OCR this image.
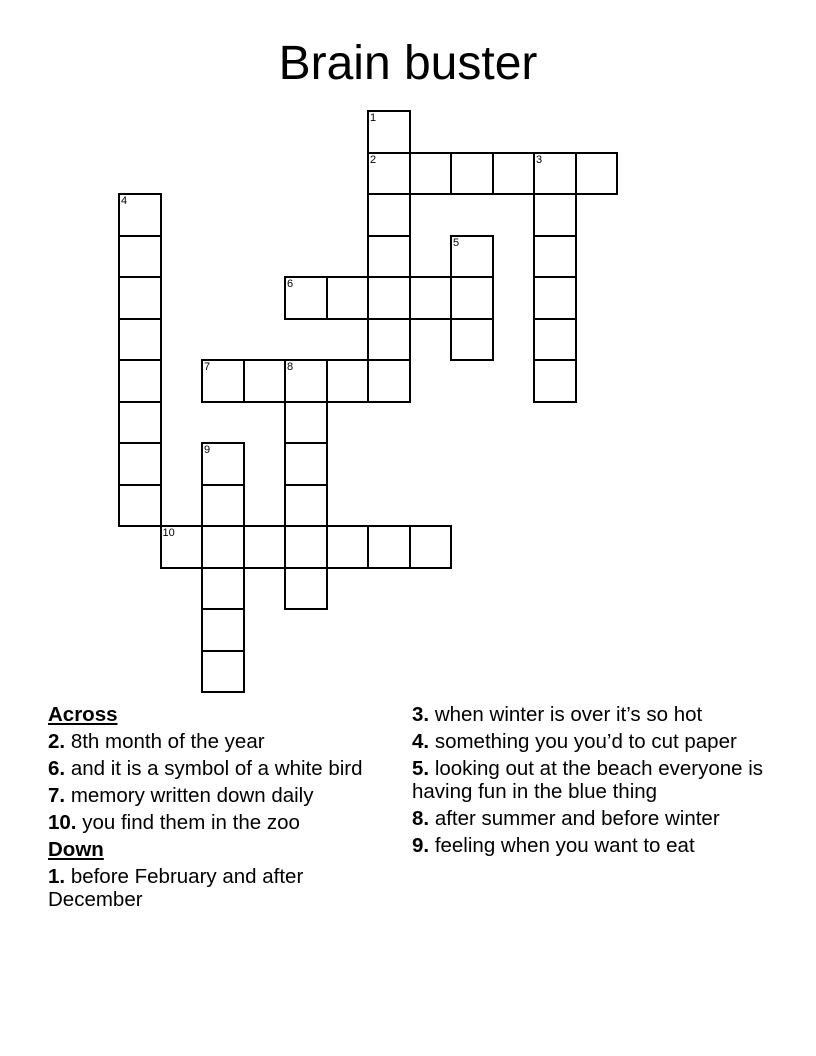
Brain buster
1
2	3
4
5
6
7	8
9
10
Across
2. 8th month of the year
6. and it is a symbol of a white bird
7. memory written down daily
10. you find them in the zoo
Down
1. before February and after December
3. when winter is over it’s so hot
4. something you you’d to cut paper
5. looking out at the beach everyone is having fun in the blue thing
8. after summer and before winter
9. feeling when you want to eat
